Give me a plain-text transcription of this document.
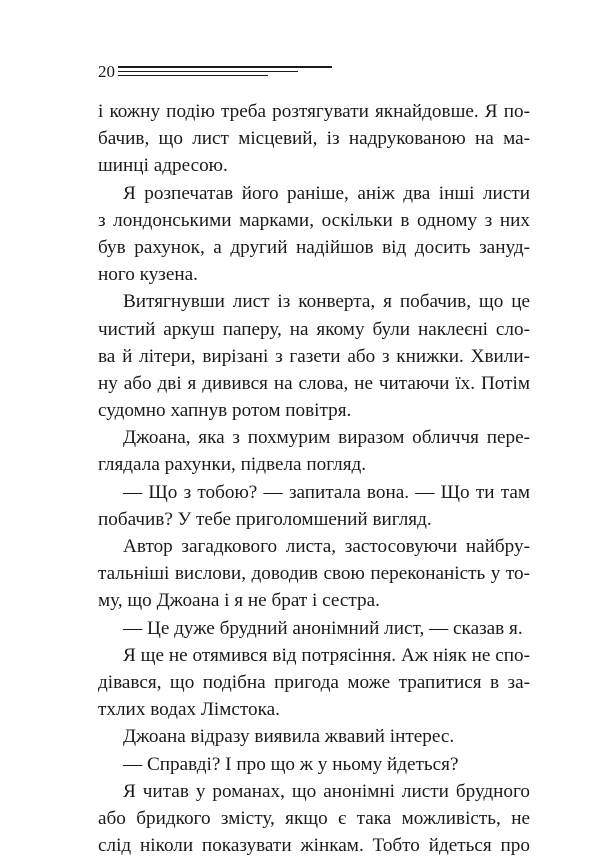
20
і кожну подію треба розтягувати якнайдовше. Я по-
бачив, що лист місцевий, із надрукованою на ма-
шинці адресою.
Я розпечатав його раніше, аніж два інші листи
з лондонськими марками, оскільки в одному з них
був рахунок, а другий надійшов від досить зануд-
ного кузена.
Витягнувши лист із конверта, я побачив, що це
чистий аркуш паперу, на якому були наклеєні сло-
ва й літери, вирізані з газети або з книжки. Хвили-
ну або дві я дивився на слова, не читаючи їх. Потім
судомно хапнув ротом повітря.
Джоана, яка з похмурим виразом обличчя пере-
глядала рахунки, підвела погляд.
— Що з тобою? — запитала вона. — Що ти там
побачив? У тебе приголомшений вигляд.
Автор загадкового листа, застосовуючи найбру-
тальніші вислови, доводив свою переконаність у то-
му, що Джоана і я не брат і сестра.
— Це дуже брудний анонімний лист, — сказав я.
Я ще не отямився від потрясіння. Аж ніяк не спо-
дівався, що подібна пригода може трапитися в за-
тхлих водах Лімстока.
Джоана відразу виявила жвавий інтерес.
— Справді? І про що ж у ньому йдеться?
Я читав у романах, що анонімні листи брудного
або бридкого змісту, якщо є така можливість, не
слід ніколи показувати жінкам. Тобто йдеться про
